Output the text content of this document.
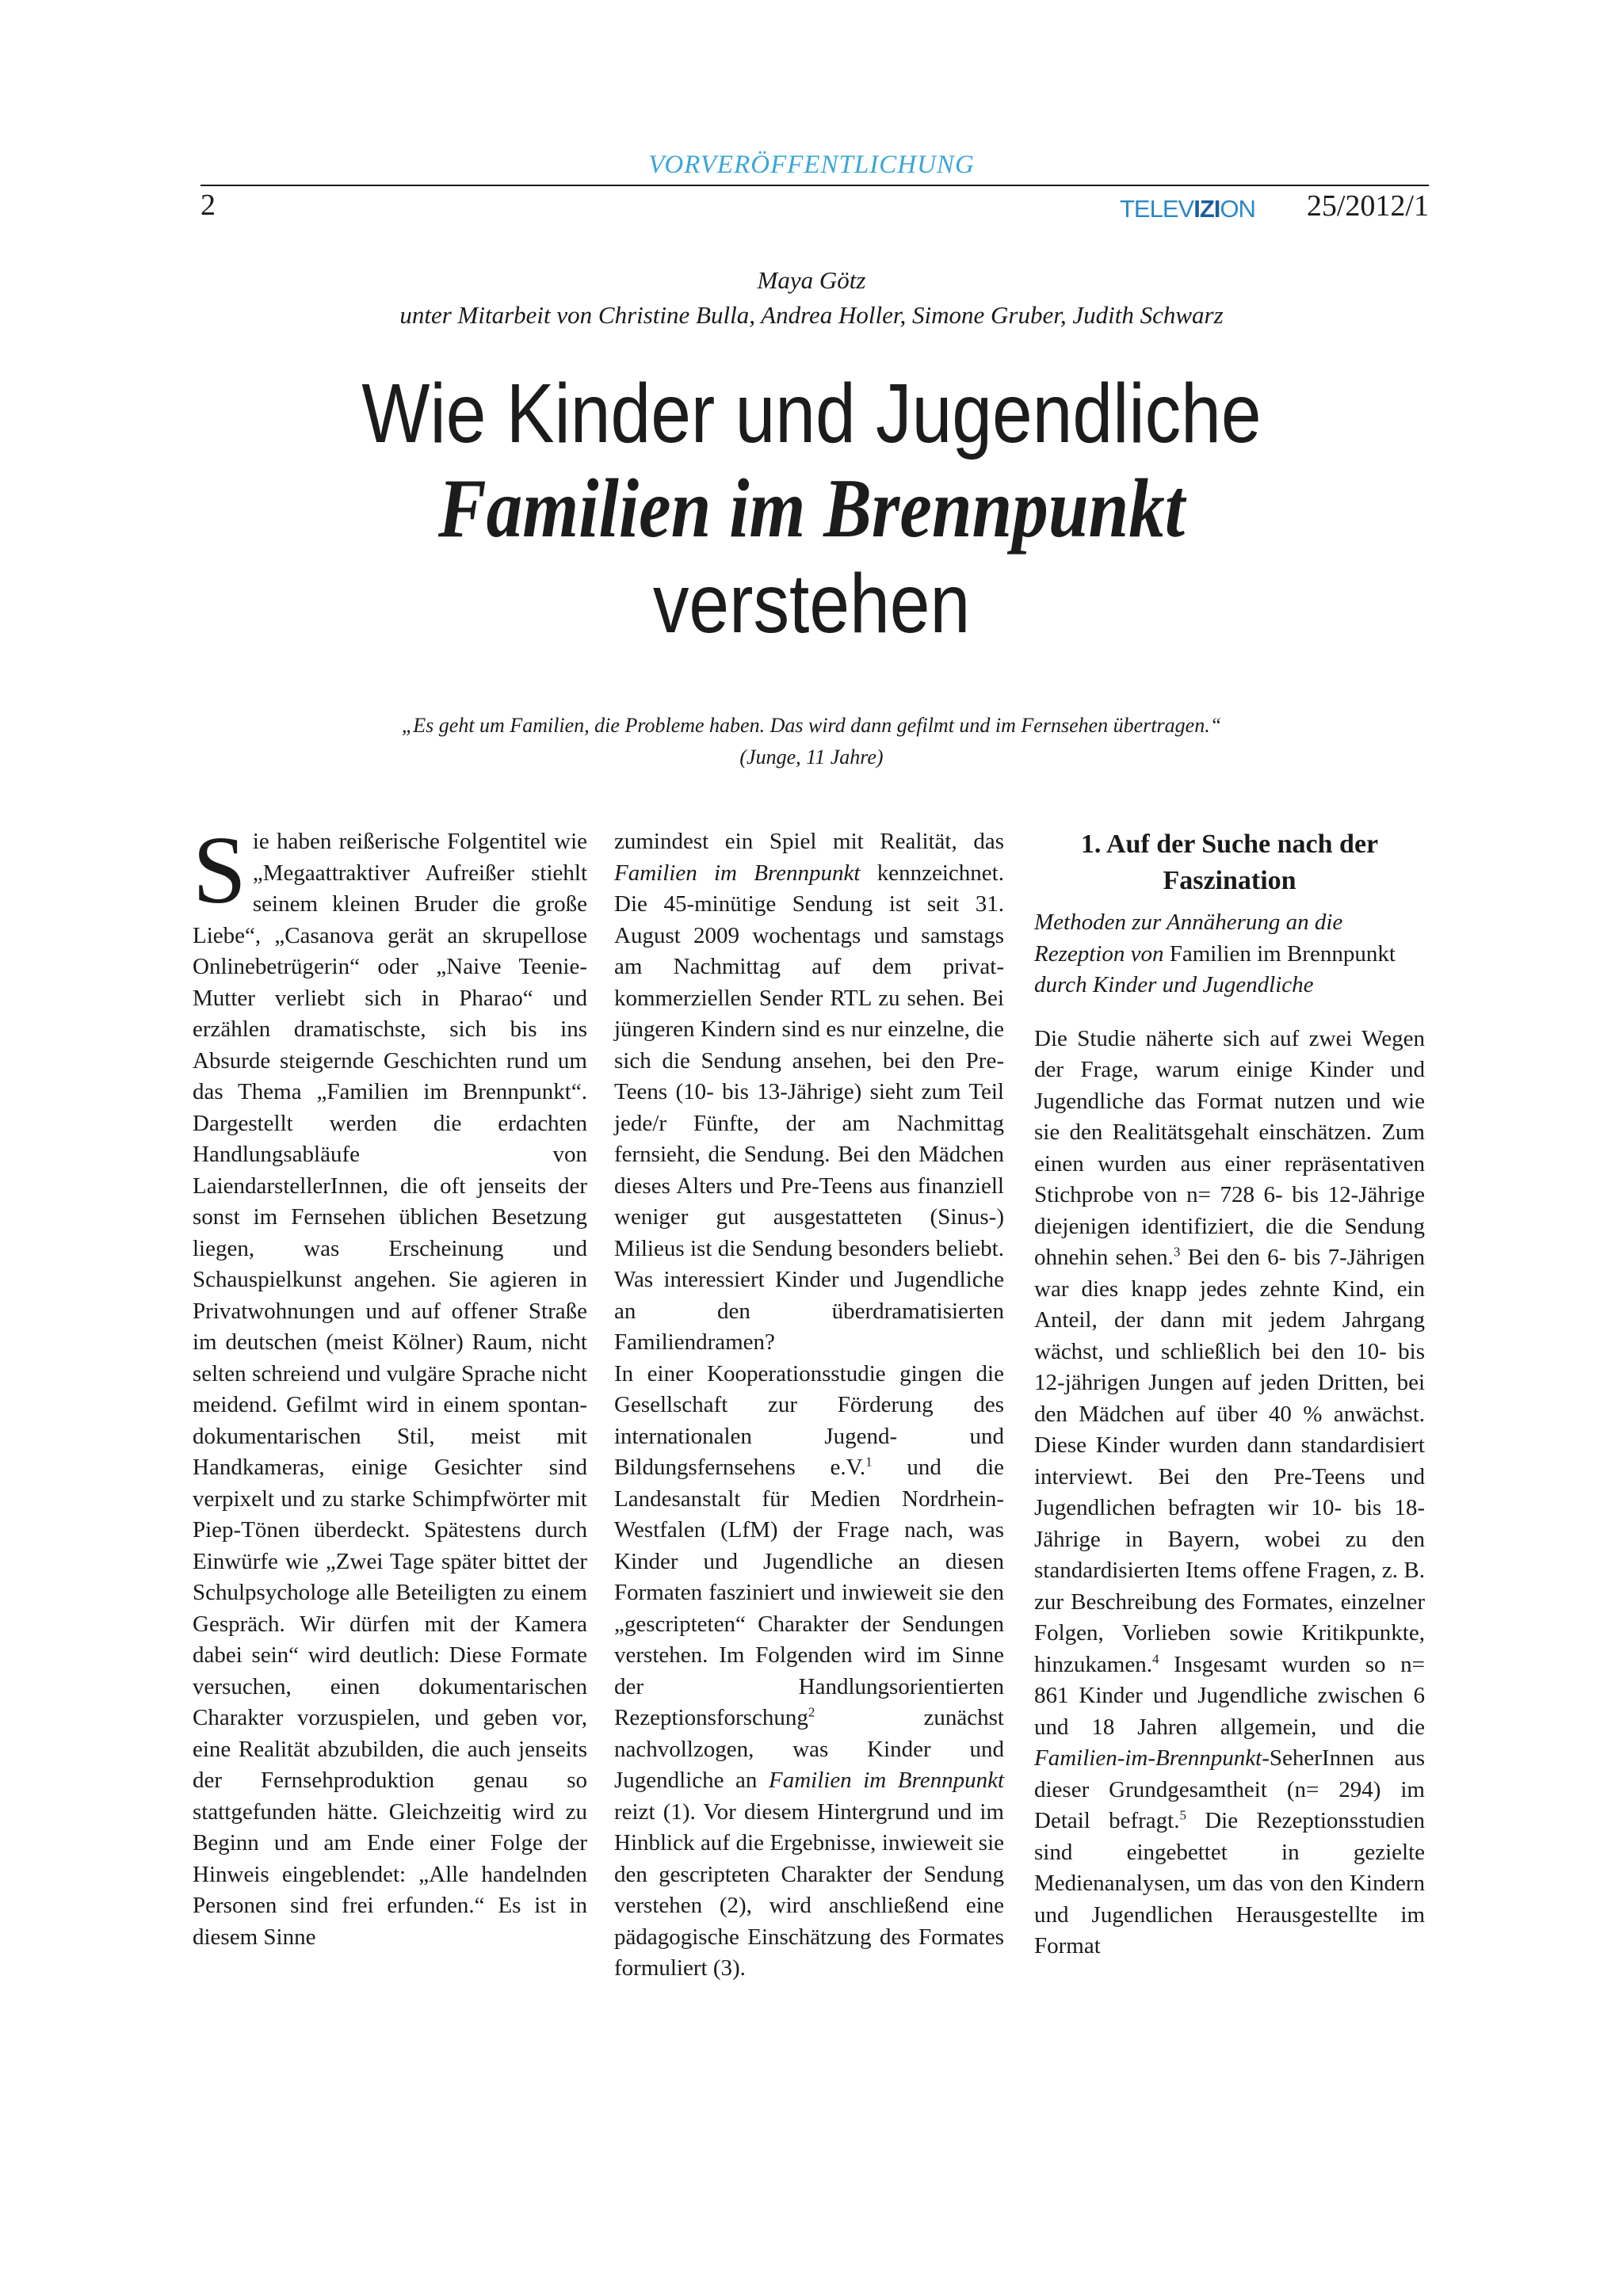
VORVERÖFFENTLICHUNG
2	TELEVIZION 25/2012/1
Maya Götz
unter Mitarbeit von Christine Bulla, Andrea Holler, Simone Gruber, Judith Schwarz
Wie Kinder und Jugendliche
Familien im Brennpunkt
verstehen
„Es geht um Familien, die Probleme haben. Das wird dann gefilmt und im Fernsehen übertragen.“
(Junge, 11 Jahre)

Sie haben reißerische Folgentitel wie „Megaattraktiver Aufreißer stiehlt seinem kleinen Bruder die große Liebe“, „Casanova gerät an skrupellose Onlinebetrügerin“ oder „Naive Teenie-Mutter verliebt sich in Pharao“ und erzählen dramatischste, sich bis ins Absurde steigernde Geschichten rund um das Thema „Familien im Brennpunkt“. Dargestellt werden die erdachten Handlungsabläufe von LaiendarstellerInnen, die oft jenseits der sonst im Fernsehen üblichen Besetzung liegen, was Erscheinung und Schauspielkunst angehen. Sie agieren in Privatwohnungen und auf offener Straße im deutschen (meist Kölner) Raum, nicht selten schreiend und vulgäre Sprache nicht meidend. Gefilmt wird in einem spontan-dokumentarischen Stil, meist mit Handkameras, einige Gesichter sind verpixelt und zu starke Schimpfwörter mit Piep-Tönen überdeckt. Spätestens durch Einwürfe wie „Zwei Tage später bittet der Schulpsychologe alle Beteiligten zu einem Gespräch. Wir dürfen mit der Kamera dabei sein“ wird deutlich: Diese Formate versuchen, einen dokumentarischen Charakter vorzuspielen, und geben vor, eine Realität abzubilden, die auch jenseits der Fernsehproduktion genau so stattgefunden hätte. Gleichzeitig wird zu Beginn und am Ende einer Folge der Hinweis eingeblendet: „Alle handelnden Personen sind frei erfunden.“ Es ist in diesem Sinne

zumindest ein Spiel mit Realität, das Familien im Brennpunkt kennzeichnet. Die 45-minütige Sendung ist seit 31. August 2009 wochentags und samstags am Nachmittag auf dem privat-kommerziellen Sender RTL zu sehen. Bei jüngeren Kindern sind es nur einzelne, die sich die Sendung ansehen, bei den Pre-Teens (10- bis 13-Jährige) sieht zum Teil jede/r Fünfte, der am Nachmittag fernsieht, die Sendung. Bei den Mädchen dieses Alters und Pre-Teens aus finanziell weniger gut ausgestatteten (Sinus-) Milieus ist die Sendung besonders beliebt. Was interessiert Kinder und Jugendliche an den überdramatisierten Familiendramen?

In einer Kooperationsstudie gingen die Gesellschaft zur Förderung des internationalen Jugend- und Bildungsfernsehens e.V.$^1$ und die Landesanstalt für Medien Nordrhein-Westfalen (LfM) der Frage nach, was Kinder und Jugendliche an diesen Formaten fasziniert und inwieweit sie den „gescripteten“ Charakter der Sendungen verstehen. Im Folgenden wird im Sinne der Handlungsorientierten Rezeptionsforschung$^2$ zunächst nachvollzogen, was Kinder und Jugendliche an Familien im Brennpunkt reizt (1). Vor diesem Hintergrund und im Hinblick auf die Ergebnisse, inwieweit sie den gescripteten Charakter der Sendung verstehen (2), wird anschließend eine pädagogische Einschätzung des Formates formuliert (3).

1. Auf der Suche nach der Faszination
Methoden zur Annäherung an die Rezeption von Familien im Brennpunkt durch Kinder und Jugendliche

Die Studie näherte sich auf zwei Wegen der Frage, warum einige Kinder und Jugendliche das Format nutzen und wie sie den Realitätsgehalt einschätzen. Zum einen wurden aus einer repräsentativen Stichprobe von n= 728 6- bis 12-Jährige diejenigen identifiziert, die die Sendung ohnehin sehen.$^3$ Bei den 6- bis 7-Jährigen war dies knapp jedes zehnte Kind, ein Anteil, der dann mit jedem Jahrgang wächst, und schließlich bei den 10- bis 12-jährigen Jungen auf jeden Dritten, bei den Mädchen auf über 40 % anwächst. Diese Kinder wurden dann standardisiert interviewt. Bei den Pre-Teens und Jugendlichen befragten wir 10- bis 18-Jährige in Bayern, wobei zu den standardisierten Items offene Fragen, z. B. zur Beschreibung des Formates, einzelner Folgen, Vorlieben sowie Kritikpunkte, hinzukamen.$^4$ Insgesamt wurden so n= 861 Kinder und Jugendliche zwischen 6 und 18 Jahren allgemein, und die Familien-im-Brennpunkt-SeherInnen aus dieser Grundgesamtheit (n= 294) im Detail befragt.$^5$ Die Rezeptionsstudien sind eingebettet in gezielte Medienanalysen, um das von den Kindern und Jugendlichen Herausgestellte im Format
